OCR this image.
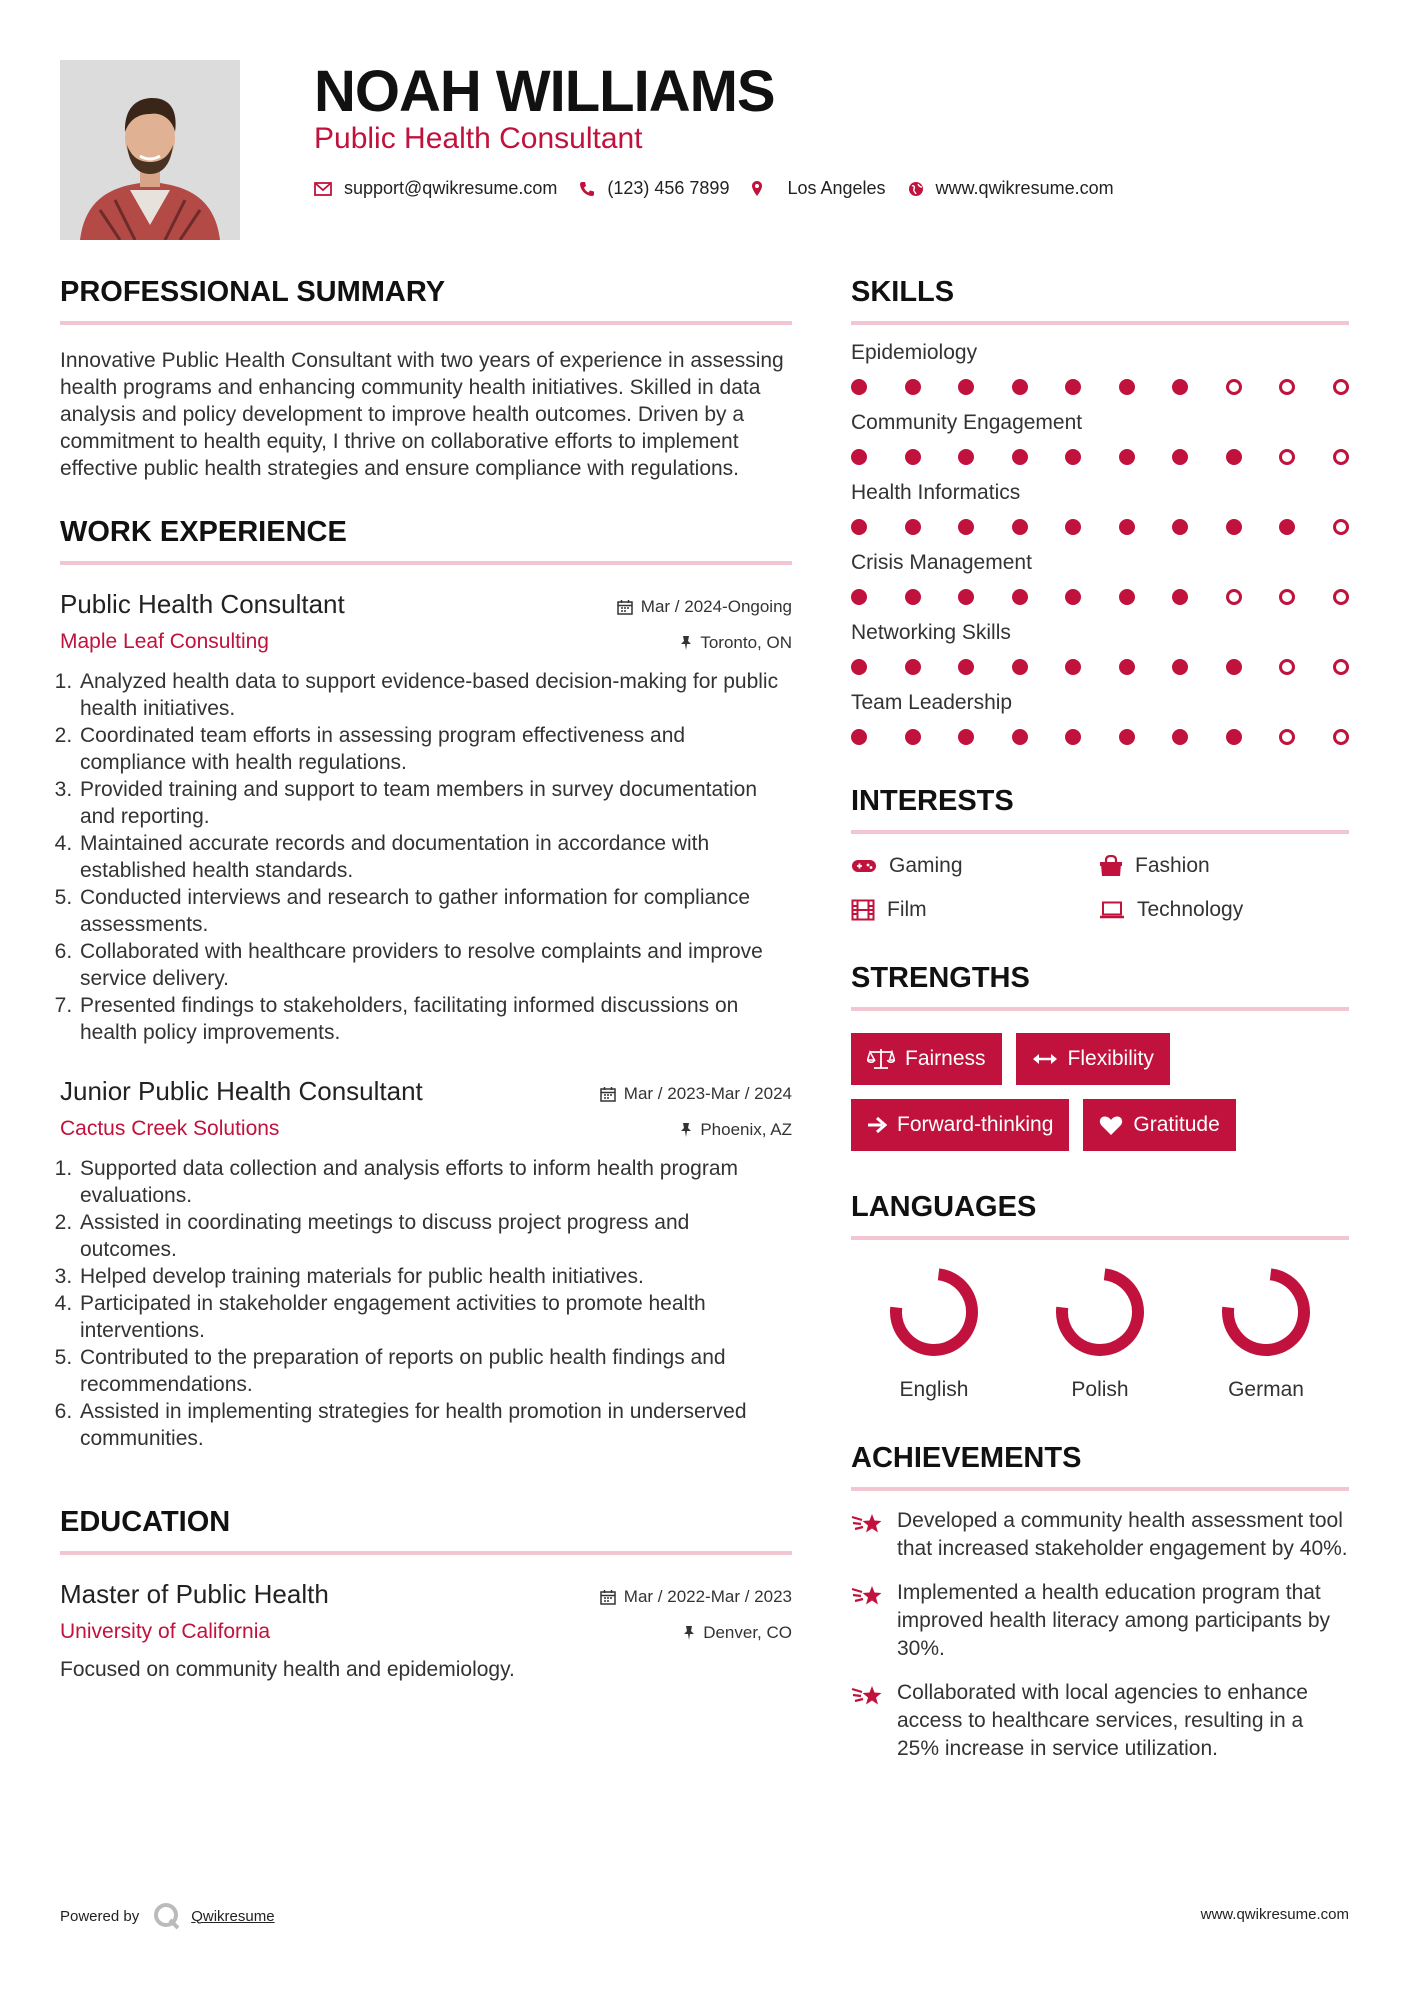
NOAH WILLIAMS
Public Health Consultant
support@qwikresume.com	(123) 456 7899	Los Angeles	www.qwikresume.com
PROFESSIONAL SUMMARY
Innovative Public Health Consultant with two years of experience in assessing health programs and enhancing community health initiatives. Skilled in data analysis and policy development to improve health outcomes. Driven by a commitment to health equity, I thrive on collaborative efforts to implement effective public health strategies and ensure compliance with regulations.
WORK EXPERIENCE
Public Health Consultant
Maple Leaf Consulting
Mar / 2024-Ongoing
Toronto, ON
1. Analyzed health data to support evidence-based decision-making for public health initiatives.
2. Coordinated team efforts in assessing program effectiveness and compliance with health regulations.
3. Provided training and support to team members in survey documentation and reporting.
4. Maintained accurate records and documentation in accordance with established health standards.
5. Conducted interviews and research to gather information for compliance assessments.
6. Collaborated with healthcare providers to resolve complaints and improve service delivery.
7. Presented findings to stakeholders, facilitating informed discussions on health policy improvements.
Junior Public Health Consultant
Cactus Creek Solutions
Mar / 2023-Mar / 2024
Phoenix, AZ
1. Supported data collection and analysis efforts to inform health program evaluations.
2. Assisted in coordinating meetings to discuss project progress and outcomes.
3. Helped develop training materials for public health initiatives.
4. Participated in stakeholder engagement activities to promote health interventions.
5. Contributed to the preparation of reports on public health findings and recommendations.
6. Assisted in implementing strategies for health promotion in underserved communities.
EDUCATION
Master of Public Health
University of California
Mar / 2022-Mar / 2023
Denver, CO
Focused on community health and epidemiology.
SKILLS
Epidemiology
Community Engagement
Health Informatics
Crisis Management
Networking Skills
Team Leadership
INTERESTS
Gaming	Fashion
Film	Technology
STRENGTHS
Fairness	Flexibility
Forward-thinking	Gratitude
LANGUAGES
English	Polish	German
ACHIEVEMENTS
Developed a community health assessment tool that increased stakeholder engagement by 40%.
Implemented a health education program that improved health literacy among participants by 30%.
Collaborated with local agencies to enhance access to healthcare services, resulting in a 25% increase in service utilization.
Powered by	Qwikresume	www.qwikresume.com
